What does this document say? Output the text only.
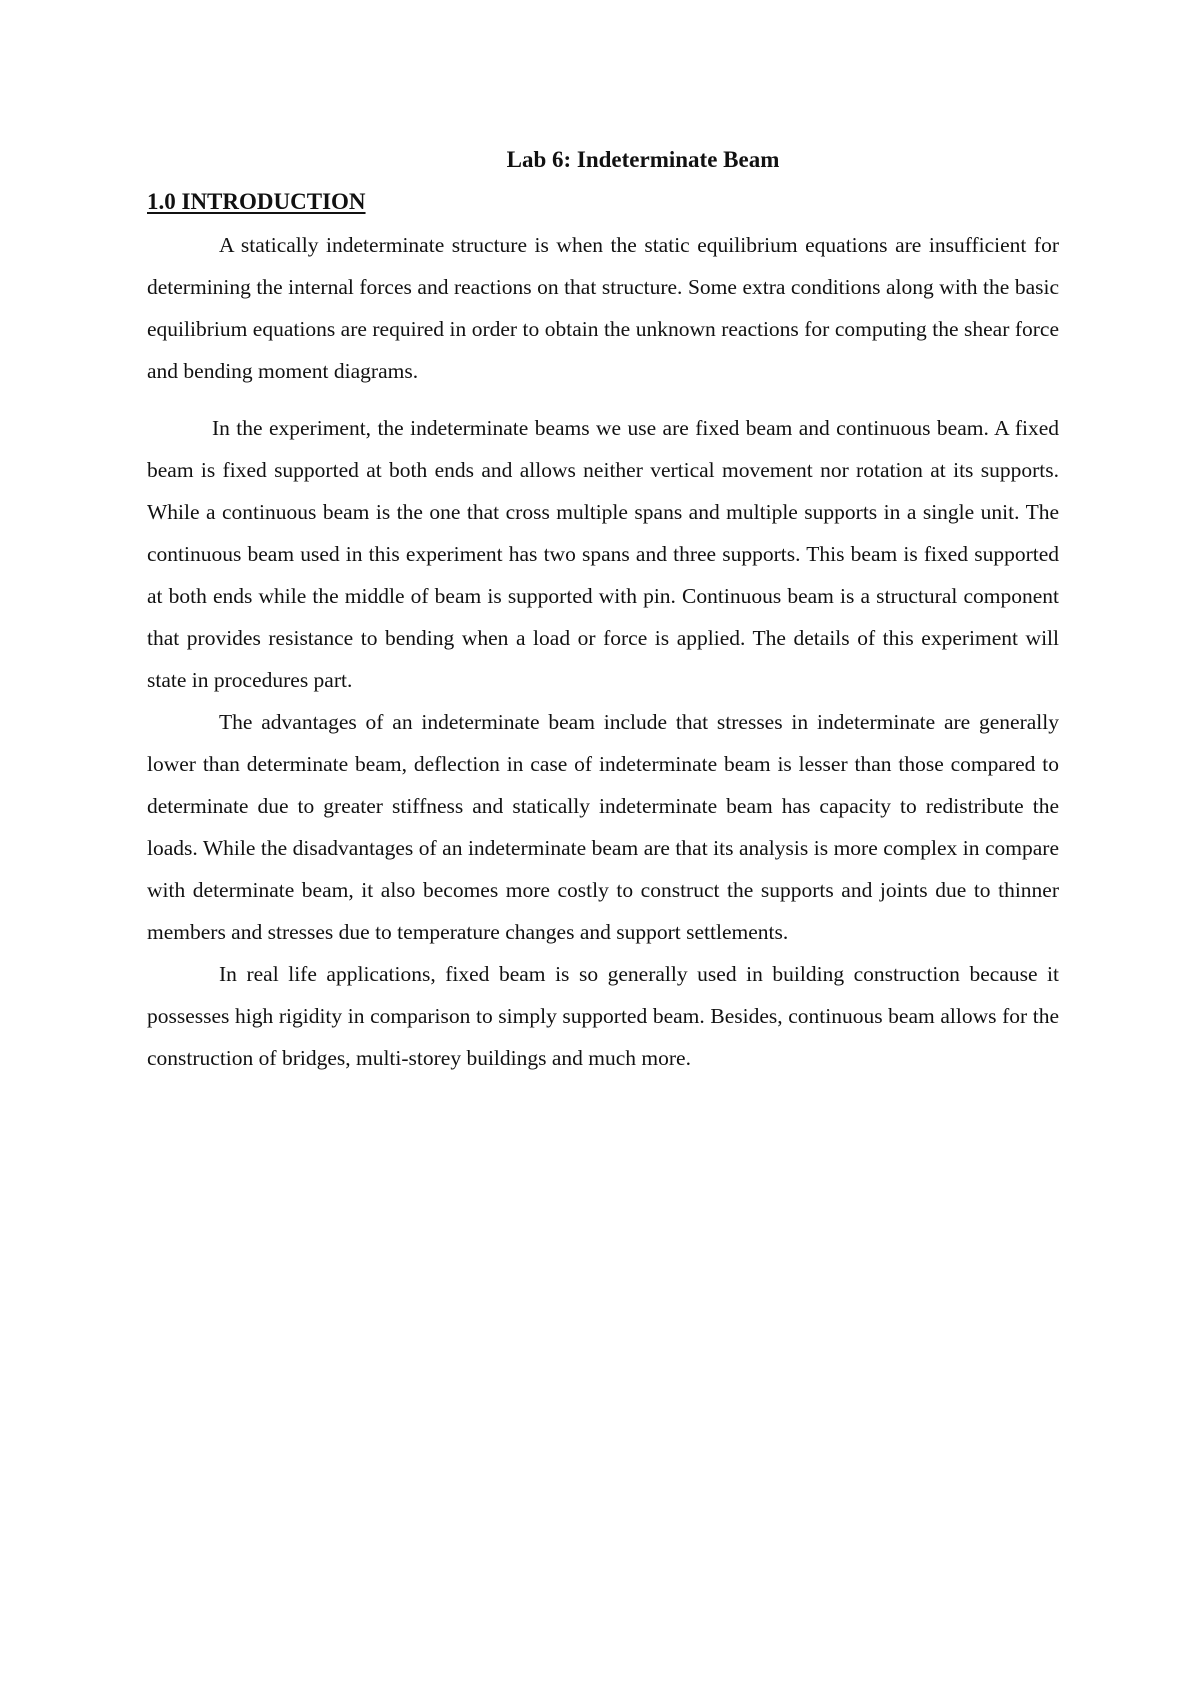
Lab 6: Indeterminate Beam
1.0 INTRODUCTION

A statically indeterminate structure is when the static equilibrium equations are insufficient for determining the internal forces and reactions on that structure. Some extra conditions along with the basic equilibrium equations are required in order to obtain the unknown reactions for computing the shear force and bending moment diagrams.

In the experiment, the indeterminate beams we use are fixed beam and continuous beam. A fixed beam is fixed supported at both ends and allows neither vertical movement nor rotation at its supports. While a continuous beam is the one that cross multiple spans and multiple supports in a single unit. The continuous beam used in this experiment has two spans and three supports. This beam is fixed supported at both ends while the middle of beam is supported with pin. Continuous beam is a structural component that provides resistance to bending when a load or force is applied. The details of this experiment will state in procedures part.

The advantages of an indeterminate beam include that stresses in indeterminate are generally lower than determinate beam, deflection in case of indeterminate beam is lesser than those compared to determinate due to greater stiffness and statically indeterminate beam has capacity to redistribute the loads. While the disadvantages of an indeterminate beam are that its analysis is more complex in compare with determinate beam, it also becomes more costly to construct the supports and joints due to thinner members and stresses due to temperature changes and support settlements.

In real life applications, fixed beam is so generally used in building construction because it possesses high rigidity in comparison to simply supported beam. Besides, continuous beam allows for the construction of bridges, multi-storey buildings and much more.
